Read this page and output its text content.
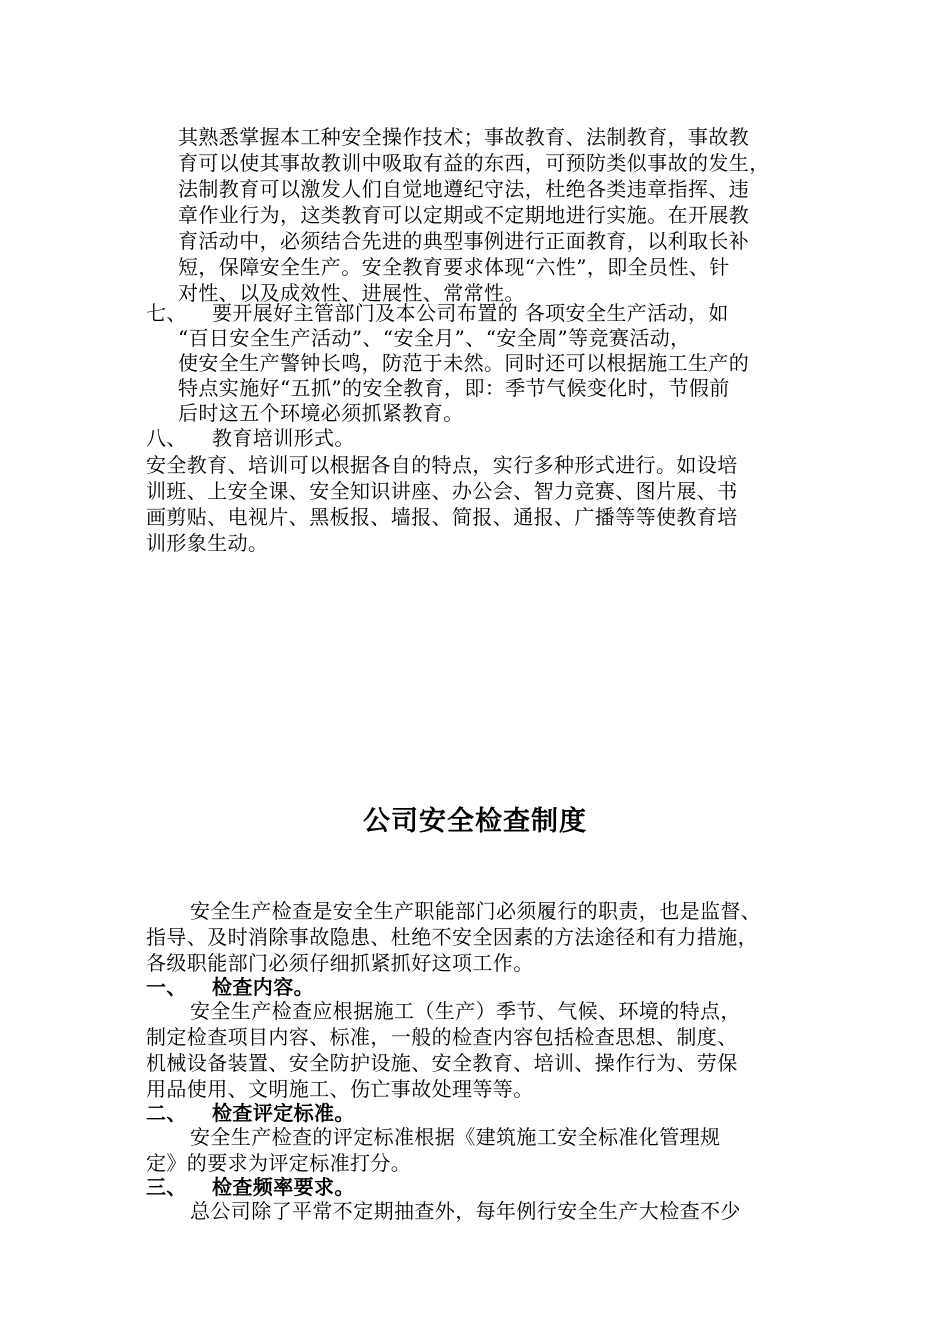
其熟悉掌握本工种安全操作技术；事故教育、法制教育，事故教
育可以使其事故教训中吸取有益的东西，可预防类似事故的发生，
法制教育可以激发人们自觉地遵纪守法，杜绝各类违章指挥、违
章作业行为，这类教育可以定期或不定期地进行实施。在开展教
育活动中，必须结合先进的典型事例进行正面教育，以利取长补
短，保障安全生产。安全教育要求体现“六性”，即全员性、针
对性、以及成效性、进展性、常常性。
七、 要开展好主管部门及本公司布置的 各项安全生产活动，如
“百日安全生产活动”、“安全月”、“安全周”等竞赛活动，
使安全生产警钟长鸣，防范于未然。同时还可以根据施工生产的
特点实施好“五抓”的安全教育，即：季节气候变化时，节假前
后时这五个环境必须抓紧教育。
八、 教育培训形式。
安全教育、培训可以根据各自的特点，实行多种形式进行。如设培
训班、上安全课、安全知识讲座、办公会、智力竞赛、图片展、书
画剪贴、电视片、黑板报、墙报、简报、通报、广播等等使教育培
训形象生动。
公司安全检查制度
安全生产检查是安全生产职能部门必须履行的职责，也是监督、
指导、及时消除事故隐患、杜绝不安全因素的方法途径和有力措施，
各级职能部门必须仔细抓紧抓好这项工作。
一、 检查内容。
安全生产检查应根据施工（生产）季节、气候、环境的特点，
制定检查项目内容、标准，一般的检查内容包括检查思想、制度、
机械设备装置、安全防护设施、安全教育、培训、操作行为、劳保
用品使用、文明施工、伤亡事故处理等等。
二、 检查评定标准。
安全生产检查的评定标准根据《建筑施工安全标准化管理规
定》的要求为评定标准打分。
三、 检查频率要求。
总公司除了平常不定期抽查外，每年例行安全生产大检查不少
